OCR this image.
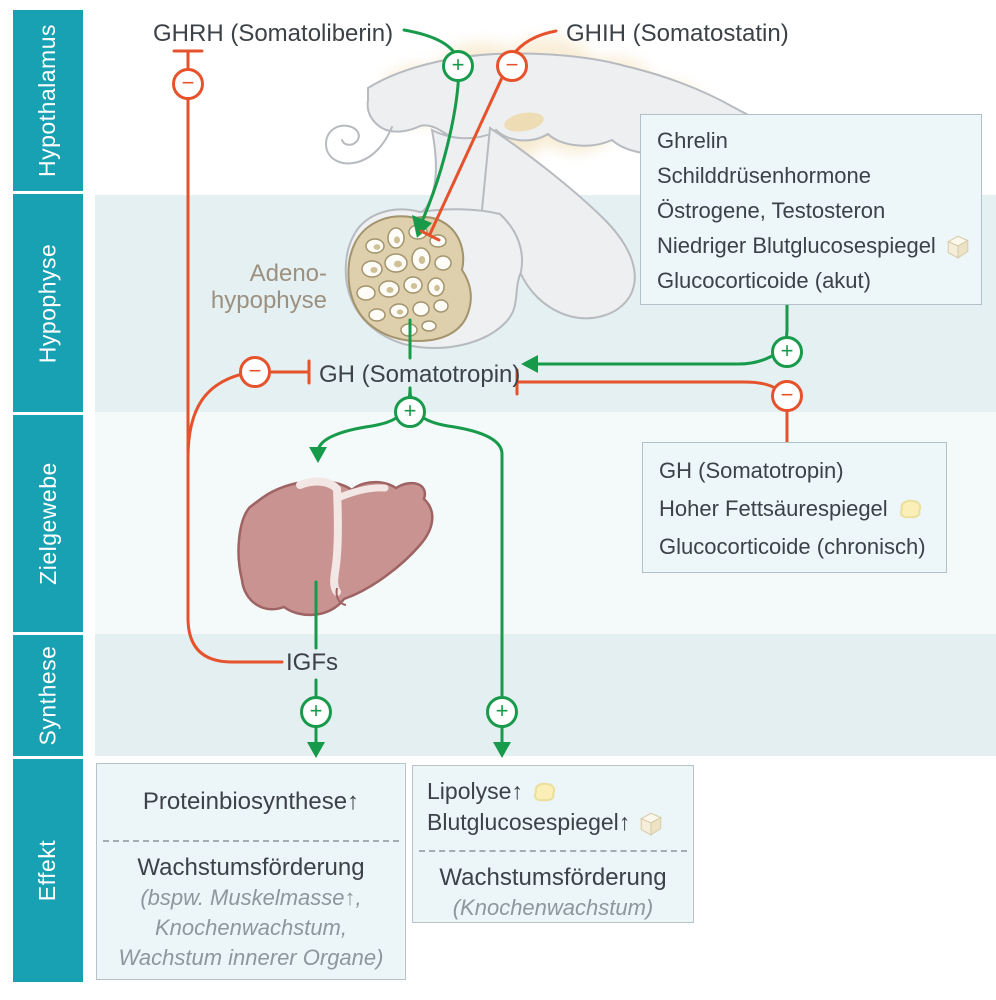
Hypothalamus
Hypophyse
Zielgewebe
Synthese
Effekt
GHRH (Somatoliberin)	GHIH (Somatostatin)
GH (Somatotropin)
IGFs
Adeno-
hypophyse
Ghrelin
Schilddrüsenhormone
Östrogene, Testosteron
Niedriger Blutglucosespiegel
Glucocorticoide (akut)
GH (Somatotropin)
Hoher Fettsäurespiegel
Glucocorticoide (chronisch)
Proteinbiosynthese↑
Wachstumsförderung
(bspw. Muskelmasse↑,
Knochenwachstum,
Wachstum innerer Organe)
Lipolyse↑
Blutglucosespiegel↑
Wachstumsförderung
(Knochenwachstum)
+	−
−
+
−
−
+
+	+
